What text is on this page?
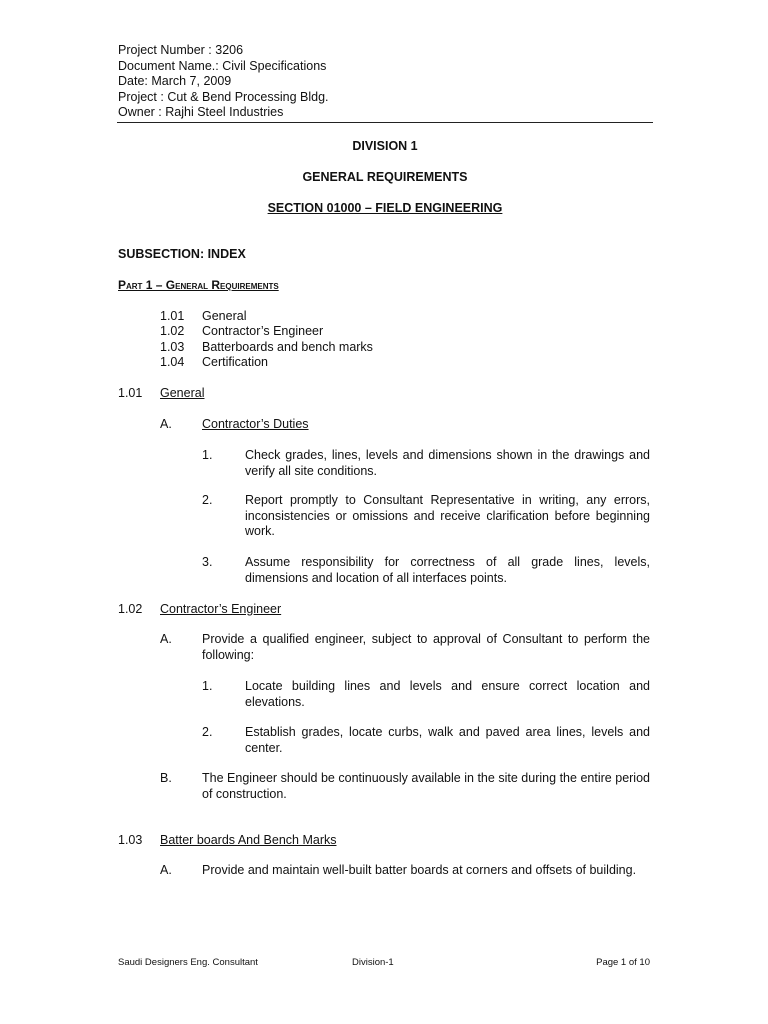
Project Number : 3206
Document Name.: Civil Specifications
Date: March 7, 2009
Project : Cut & Bend Processing Bldg.
Owner : Rajhi Steel Industries
DIVISION 1
GENERAL REQUIREMENTS
SECTION 01000 – FIELD ENGINEERING
SUBSECTION: INDEX
Part 1 – General Requirements
1.01 General
1.02 Contractor’s Engineer
1.03 Batterboards and bench marks
1.04 Certification
1.01 General
A. Contractor’s Duties
1.	Check grades, lines, levels and dimensions shown in the drawings and verify all site conditions.
2.	Report promptly to Consultant Representative in writing, any errors, inconsistencies or omissions and receive clarification before beginning work.
3.	Assume responsibility for correctness of all grade lines, levels, dimensions and location of all interfaces points.
1.02 Contractor’s Engineer
A. Provide a qualified engineer, subject to approval of Consultant to perform the following:
1.	Locate building lines and levels and ensure correct location and elevations.
2.	Establish grades, locate curbs, walk and paved area lines, levels and center.
B. The Engineer should be continuously available in the site during the entire period of construction.
1.03 Batter boards And Bench Marks
A. Provide and maintain well-built batter boards at corners and offsets of building.
Saudi Designers Eng. Consultant	Division-1	Page 1 of 10
